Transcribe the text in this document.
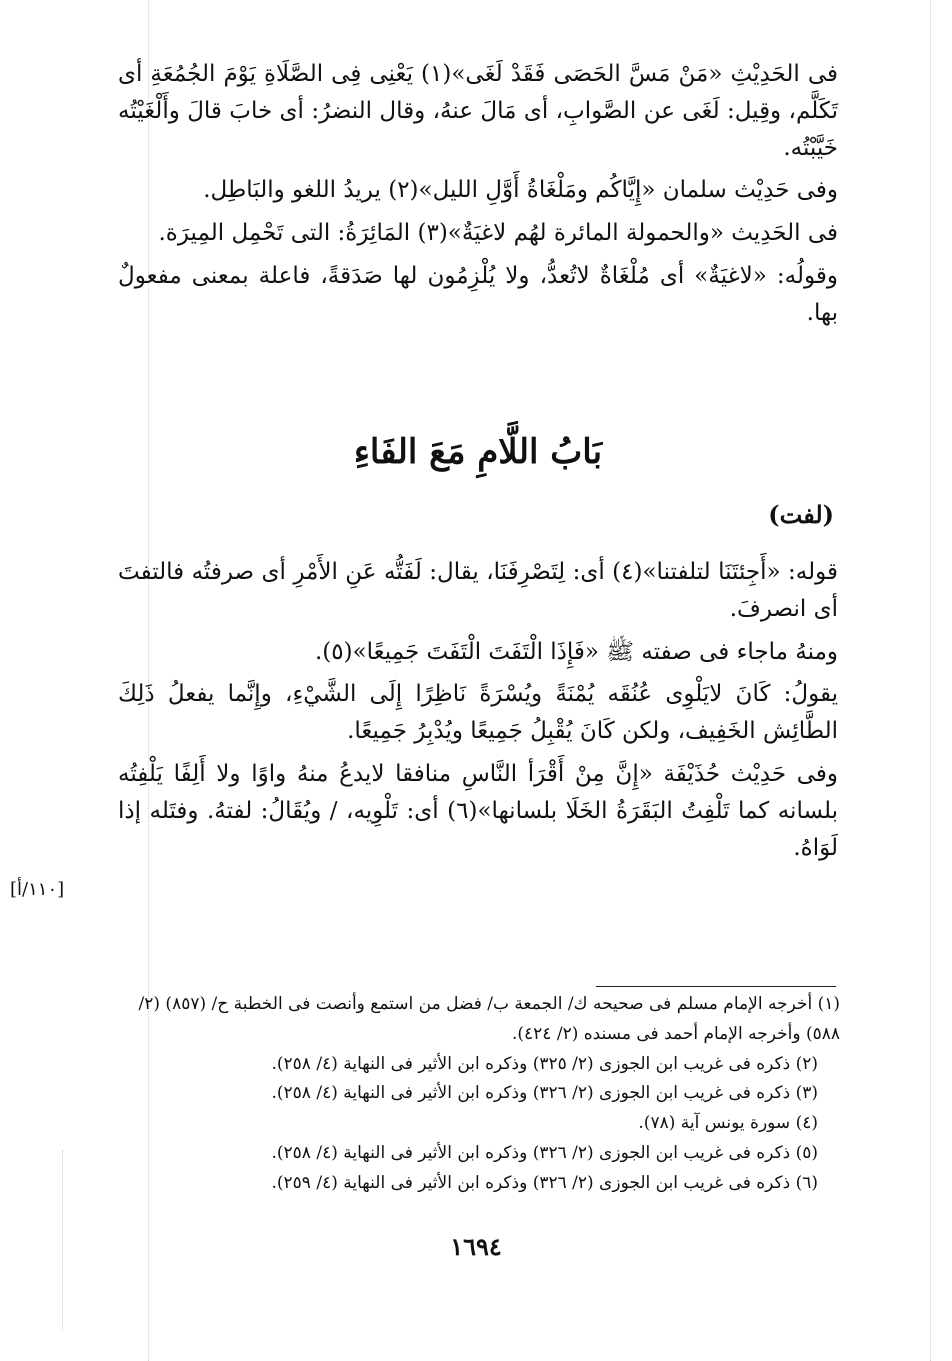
فى الحَدِيْثِ «مَنْ مَسَّ الحَصَى فَقَدْ لَغَى»(١) يَعْنِى فِى الصَّلَاةِ يَوْمَ الجُمُعَةِ أى تَكَلَّم، وقِيل: لَغَى عن الصَّوابِ، أى مَالَ عنهُ، وقال النضرُ: أى خابَ قالَ وأَلْغَيْتُه خَيَّبْتُه.

وفى حَدِيْث سلمان «إِيَّاكُم ومَلْغَاةُ أَوَّلِ الليل»(٢) يريدُ اللغو والبَاطِل.

فى الحَدِيث «والحمولة المائرة لهُم لاغيَةٌ»(٣) المَائِرَةُ: التى تَحْمِل المِيرَة.

وقولُه: «لاغيَةٌ» أى مُلْغَاةٌ لاتُعدُّ، ولا يُلْزِمُون لها صَدَقةً، فاعلة بمعنى مفعولٌ بها.

بَابُ اللَّامِ مَعَ الفَاءِ
(لفت)

قوله: «أَجِئتَنَا لتلفتنا»(٤) أى: لِتَصْرِفَنَا، يقال: لَفَتُّه عَنِ الأَمْرِ أى صرفتُه فالتفتَ أى انصرفَ.

ومنهُ ماجاء فى صفته ﷺ «فَإِذَا الْتَفَتَ الْتَفَتَ جَمِيعًا»(٥).

يقولُ: كَانَ لايَلْوِى عُنُقَه يُمْنَةً ويُسْرَةً نَاظِرًا إِلَى الشَّيْءِ، وإِنَّما يفعلُ ذَلِكَ الطَّائِش الخَفِيف، ولكن كَانَ يُقْبِلُ جَمِيعًا ويُدْبِرُ جَمِيعًا.

وفى حَدِيْث حُذَيْفَة «إِنَّ مِنْ أَقْرَأ النَّاسِ منافقا لايدعُ منهُ واوًا ولا أَلِفًا يَلْفِتُه بلسانه كما تَلْفِتُ البَقَرَةُ الخَلَا بلسانها»(٦) أى: تَلْوِيه، / ويُقَالُ: لفتهُ. وفتَله إذا لَوَاهُ.

[١١٠/أ]

(١) أخرجه الإمام مسلم فى صحيحه ك/ الجمعة ب/ فضل من استمع وأنصت فى الخطبة ح/ (٨٥٧) (٢/ ٥٨٨) وأخرجه الإمام أحمد فى مسنده (٢/ ٤٢٤).

(٢) ذكره فى غريب ابن الجوزى (٢/ ٣٢٥) وذكره ابن الأثير فى النهاية (٤/ ٢٥٨).

(٣) ذكره فى غريب ابن الجوزى (٢/ ٣٢٦) وذكره ابن الأثير فى النهاية (٤/ ٢٥٨).

(٤) سورة يونس آية (٧٨).

(٥) ذكره فى غريب ابن الجوزى (٢/ ٣٢٦) وذكره ابن الأثير فى النهاية (٤/ ٢٥٨).

(٦) ذكره فى غريب ابن الجوزى (٢/ ٣٢٦) وذكره ابن الأثير فى النهاية (٤/ ٢٥٩).

١٦٩٤
